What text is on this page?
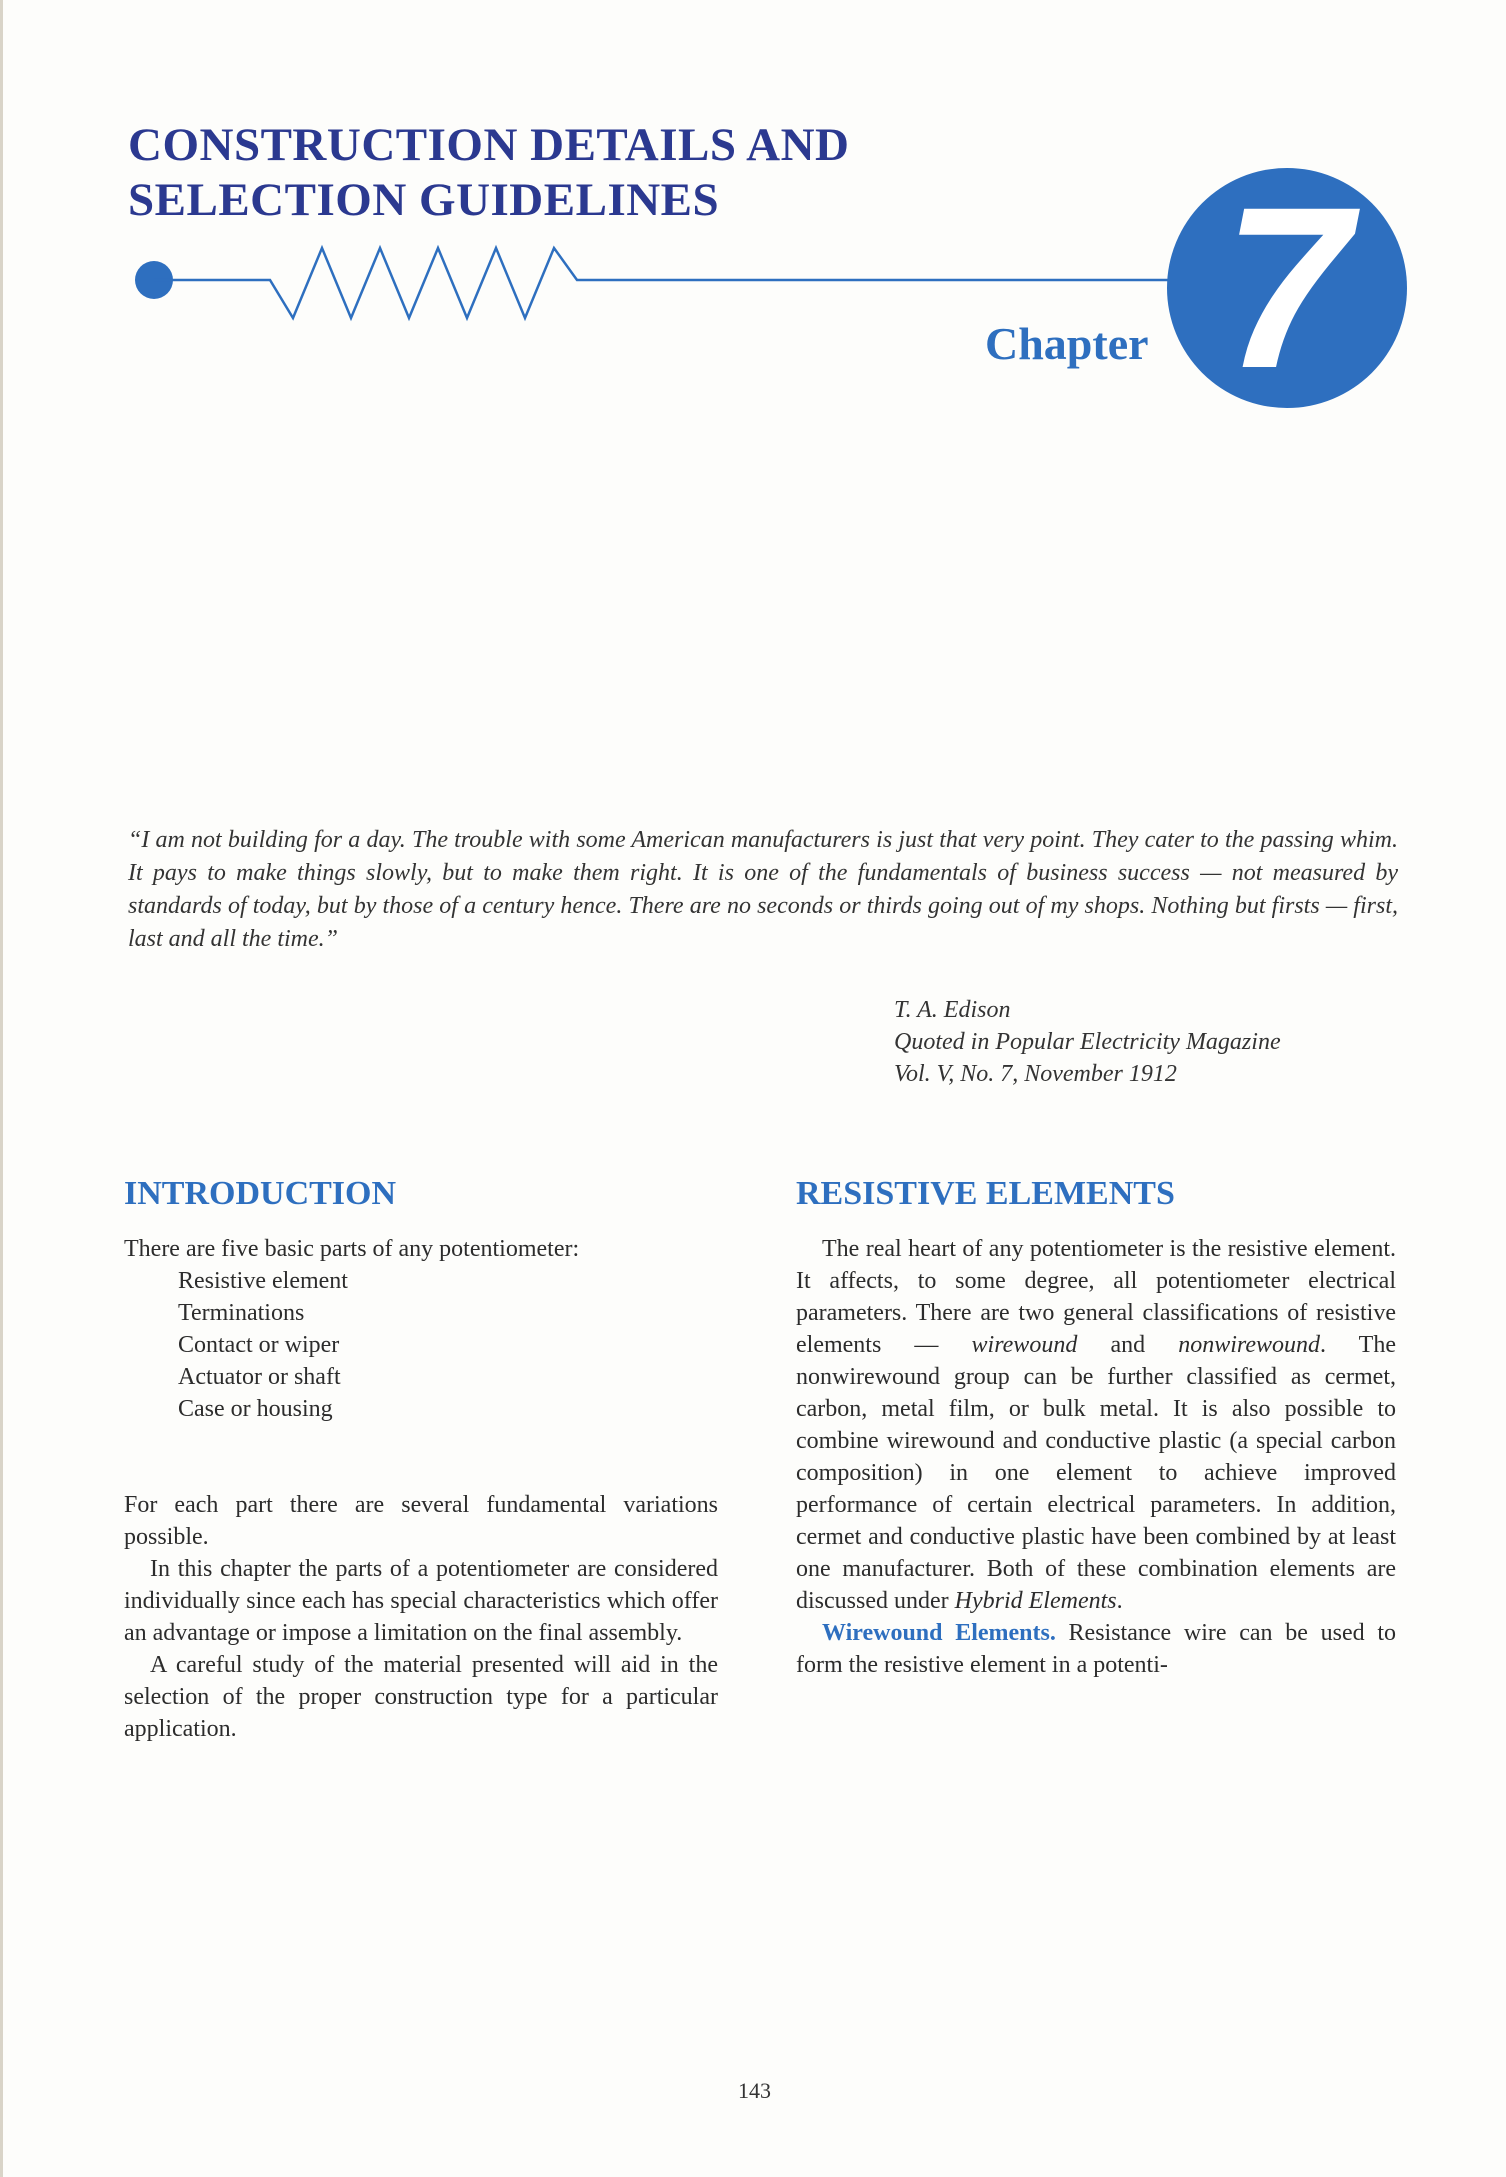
CONSTRUCTION DETAILS AND
SELECTION GUIDELINES
Chapter 7

“I am not building for a day. The trouble with some American manufacturers is just that very point. They cater to the passing whim. It pays to make things slowly, but to make them right. It is one of the fundamentals of business success — not measured by standards of today, but by those of a century hence. There are no seconds or thirds going out of my shops. Nothing but firsts — first, last and all the time.”

T. A. Edison
Quoted in Popular Electricity Magazine
Vol. V, No. 7, November 1912
INTRODUCTION

There are five basic parts of any potentiometer:

Resistive element
Terminations
Contact or wiper
Actuator or shaft
Case or housing

For each part there are several fundamental variations possible.

In this chapter the parts of a potentiometer are considered individually since each has special characteristics which offer an advantage or impose a limitation on the final assembly.

A careful study of the material presented will aid in the selection of the proper construction type for a particular application.

RESISTIVE ELEMENTS

The real heart of any potentiometer is the resistive element. It affects, to some degree, all potentiometer electrical parameters. There are two general classifications of resistive elements — wirewound and nonwirewound. The nonwirewound group can be further classified as cermet, carbon, metal film, or bulk metal. It is also possible to combine wirewound and conductive plastic (a special carbon composition) in one element to achieve improved performance of certain electrical parameters. In addition, cermet and conductive plastic have been combined by at least one manufacturer. Both of these combination elements are discussed under Hybrid Elements.

Wirewound Elements. Resistance wire can be used to form the resistive element in a potenti-

143
